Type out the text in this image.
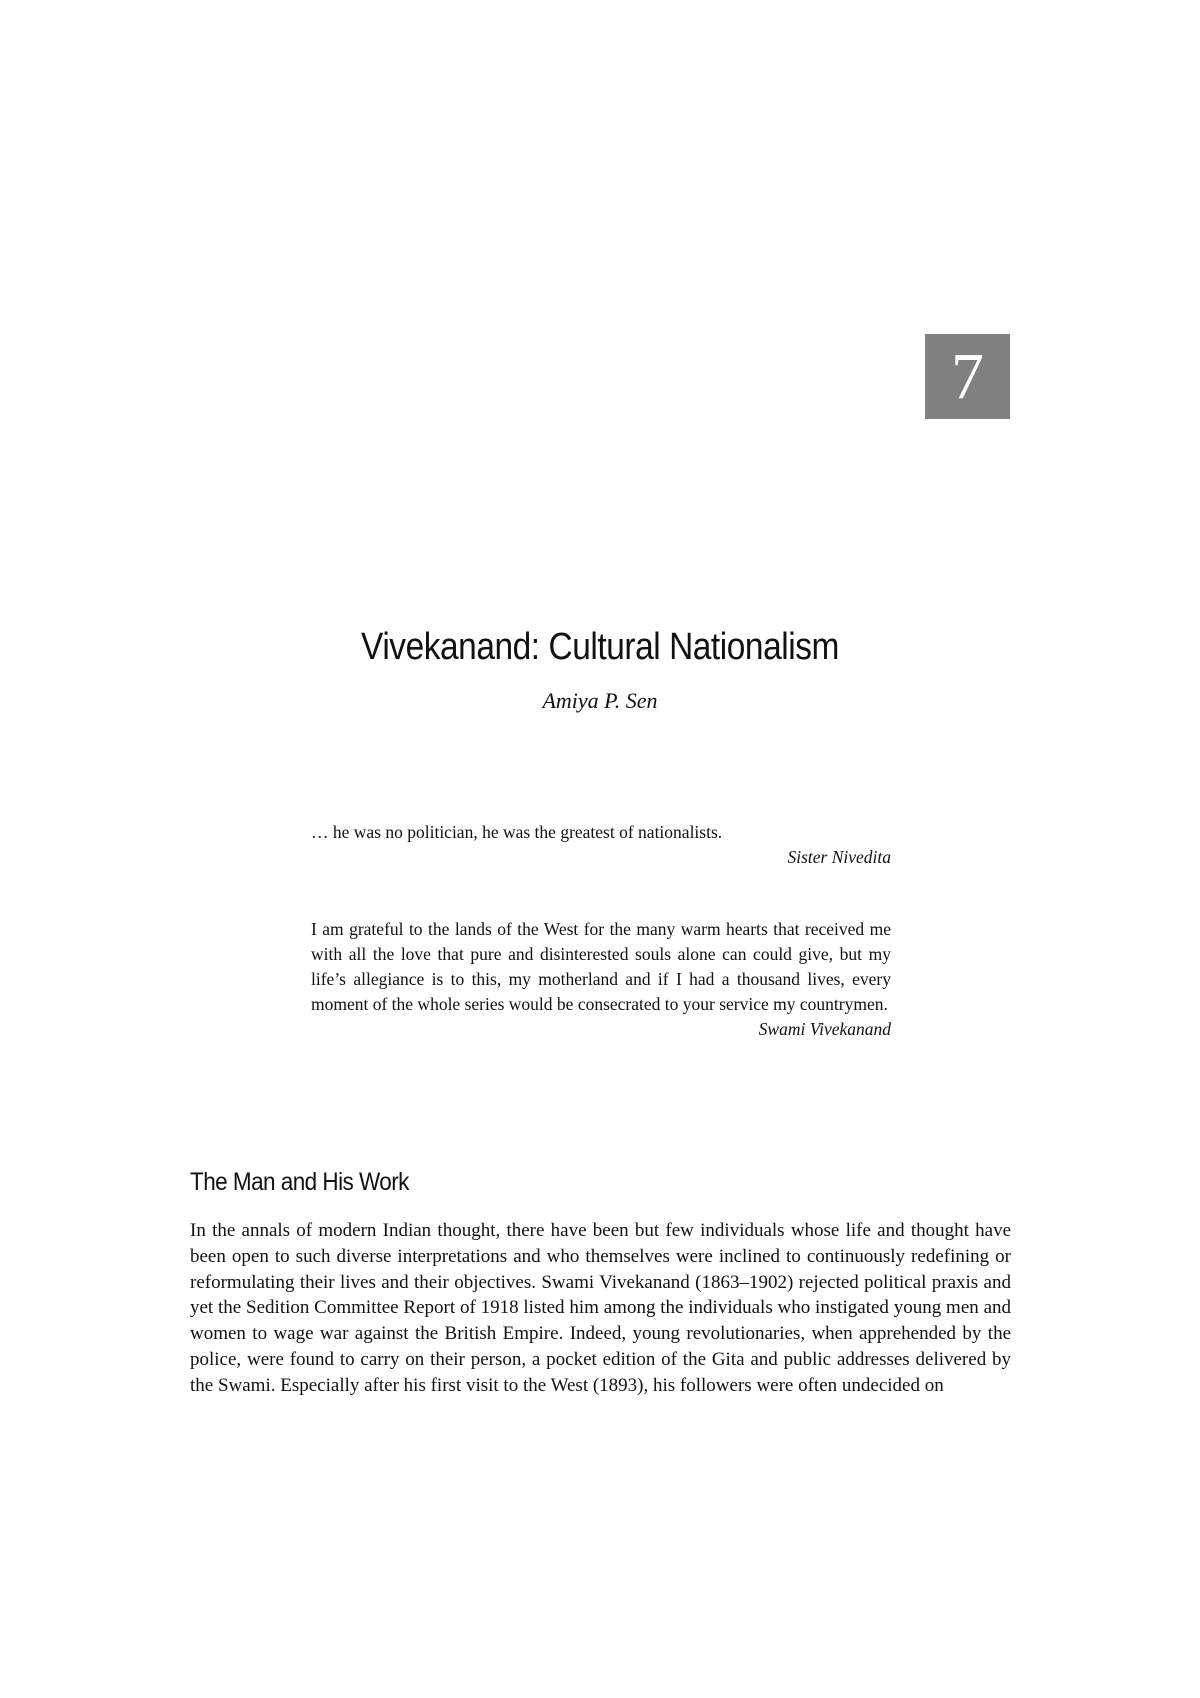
7
Vivekanand: Cultural Nationalism
Amiya P. Sen

… he was no politician, he was the greatest of nationalists.

Sister Nivedita

I am grateful to the lands of the West for the many warm hearts that received me with all the love that pure and disinterested souls alone can could give, but my life’s allegiance is to this, my motherland and if I had a thousand lives, every moment of the whole series would be consecrated to your service my countrymen.

Swami Vivekanand

The Man and His Work

In the annals of modern Indian thought, there have been but few individuals whose life and thought have been open to such diverse interpretations and who themselves were inclined to continuously redefining or reformulating their lives and their objectives. Swami Vivekanand (1863–1902) rejected political praxis and yet the Sedition Committee Report of 1918 listed him among the individuals who instigated young men and women to wage war against the British Empire. Indeed, young revolutionaries, when apprehended by the police, were found to carry on their person, a pocket edition of the Gita and public addresses delivered by the Swami. Especially after his first visit to the West (1893), his followers were often undecided on
